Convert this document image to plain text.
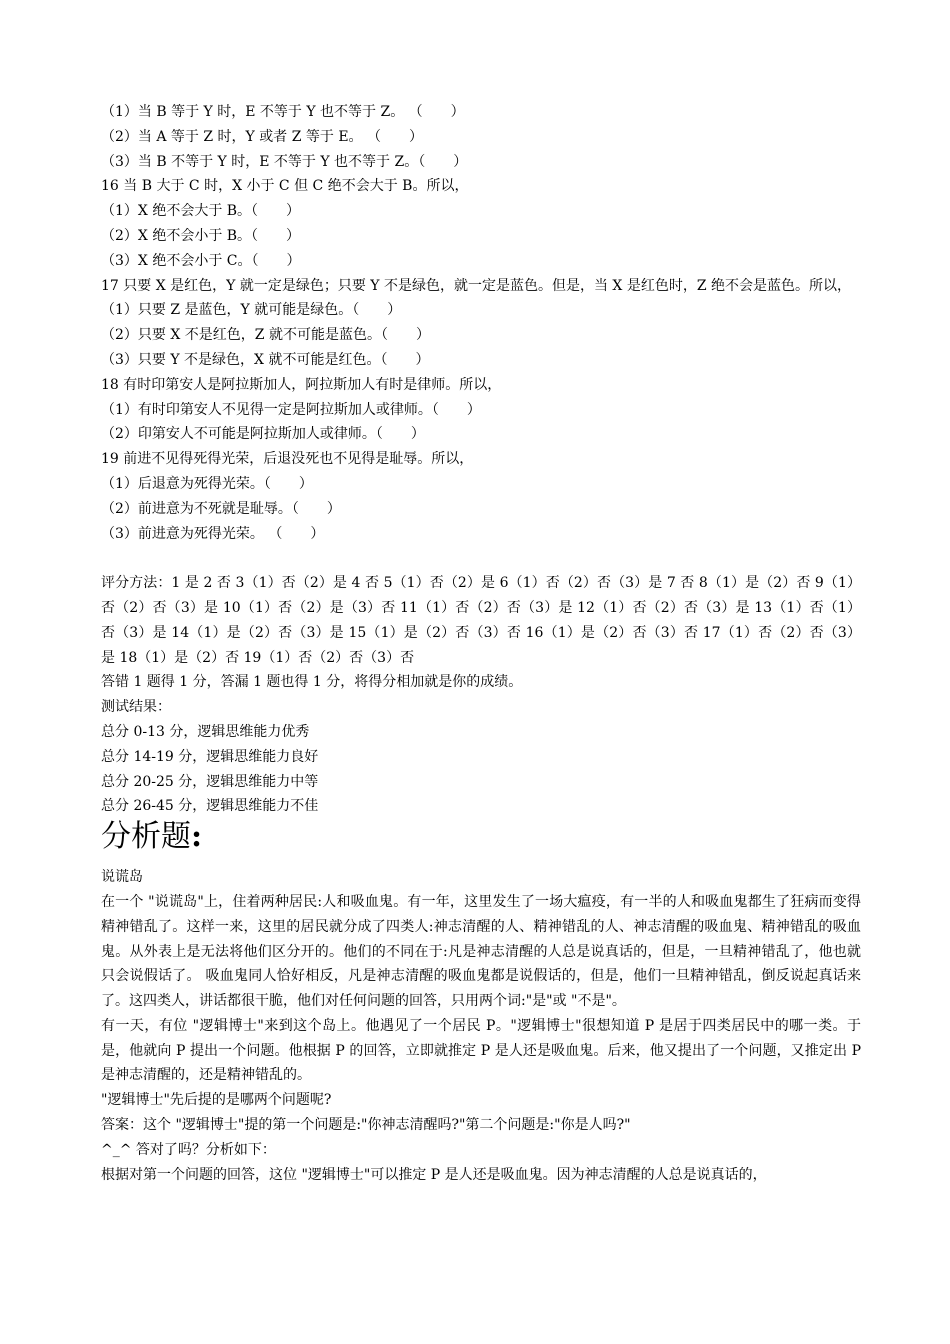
（1）当 B 等于 Y 时，E 不等于 Y 也不等于 Z。 （　　）
（2）当 A 等于 Z 时，Y 或者 Z 等于 E。 （　　）
（3）当 B 不等于 Y 时，E 不等于 Y 也不等于 Z。（　　）
16 当 B 大于 C 时，X 小于 C 但 C 绝不会大于 B。所以，
（1）X 绝不会大于 B。（　　）
（2）X 绝不会小于 B。（　　）
（3）X 绝不会小于 C。（　　）
17 只要 X 是红色，Y 就一定是绿色；只要 Y 不是绿色，就一定是蓝色。但是，当 X 是红色时，Z 绝不会是蓝色。所以，
（1）只要 Z 是蓝色，Y 就可能是绿色。（　　）
（2）只要 X 不是红色，Z 就不可能是蓝色。（　　）
（3）只要 Y 不是绿色，X 就不可能是红色。（　　）
18 有时印第安人是阿拉斯加人，阿拉斯加人有时是律师。所以，
（1）有时印第安人不见得一定是阿拉斯加人或律师。（　　）
（2）印第安人不可能是阿拉斯加人或律师。（　　）
19 前进不见得死得光荣，后退没死也不见得是耻辱。所以，
（1）后退意为死得光荣。（　　）
（2）前进意为不死就是耻辱。（　　）
（3）前进意为死得光荣。 （　　）
评分方法：1 是 2 否 3（1）否（2）是 4 否 5（1）否（2）是 6（1）否（2）否（3）是 7 否 8（1）是（2）否 9（1）否（2）否（3）是 10（1）否（2）是（3）否 11（1）否（2）否（3）是 12（1）否（2）否（3）是 13（1）否（1）否（3）是 14（1）是（2）否（3）是 15（1）是（2）否（3）否 16（1）是（2）否（3）否 17（1）否（2）否（3）是 18（1）是（2）否 19（1）否（2）否（3）否
答错 1 题得 1 分，答漏 1 题也得 1 分，将得分相加就是你的成绩。
测试结果：
总分 0-13 分，逻辑思维能力优秀
总分 14-19 分，逻辑思维能力良好
总分 20-25 分，逻辑思维能力中等
总分 26-45 分，逻辑思维能力不佳
分析题:
说谎岛
在一个 "说谎岛"上，住着两种居民:人和吸血鬼。有一年，这里发生了一场大瘟疫，有一半的人和吸血鬼都生了狂病而变得精神错乱了。这样一来，这里的居民就分成了四类人:神志清醒的人、精神错乱的人、神志清醒的吸血鬼、精神错乱的吸血鬼。从外表上是无法将他们区分开的。他们的不同在于:凡是神志清醒的人总是说真话的，但是，一旦精神错乱了，他也就只会说假话了。 吸血鬼同人恰好相反，凡是神志清醒的吸血鬼都是说假话的，但是，他们一旦精神错乱，倒反说起真话来了。这四类人，讲话都很干脆，他们对任何问题的回答，只用两个词:"是"或 "不是"。
有一天，有位 "逻辑博士"来到这个岛上。他遇见了一个居民 P。"逻辑博士"很想知道 P 是居于四类居民中的哪一类。于是，他就向 P 提出一个问题。他根据 P 的回答，立即就推定 P 是人还是吸血鬼。后来，他又提出了一个问题，又推定出 P 是神志清醒的，还是精神错乱的。
"逻辑博士"先后提的是哪两个问题呢?
答案：这个 "逻辑博士"提的第一个问题是:"你神志清醒吗?"第二个问题是:"你是人吗?"
^_^ 答对了吗？分析如下：
根据对第一个问题的回答，这位 "逻辑博士"可以推定 P 是人还是吸血鬼。因为神志清醒的人总是说真话的，
